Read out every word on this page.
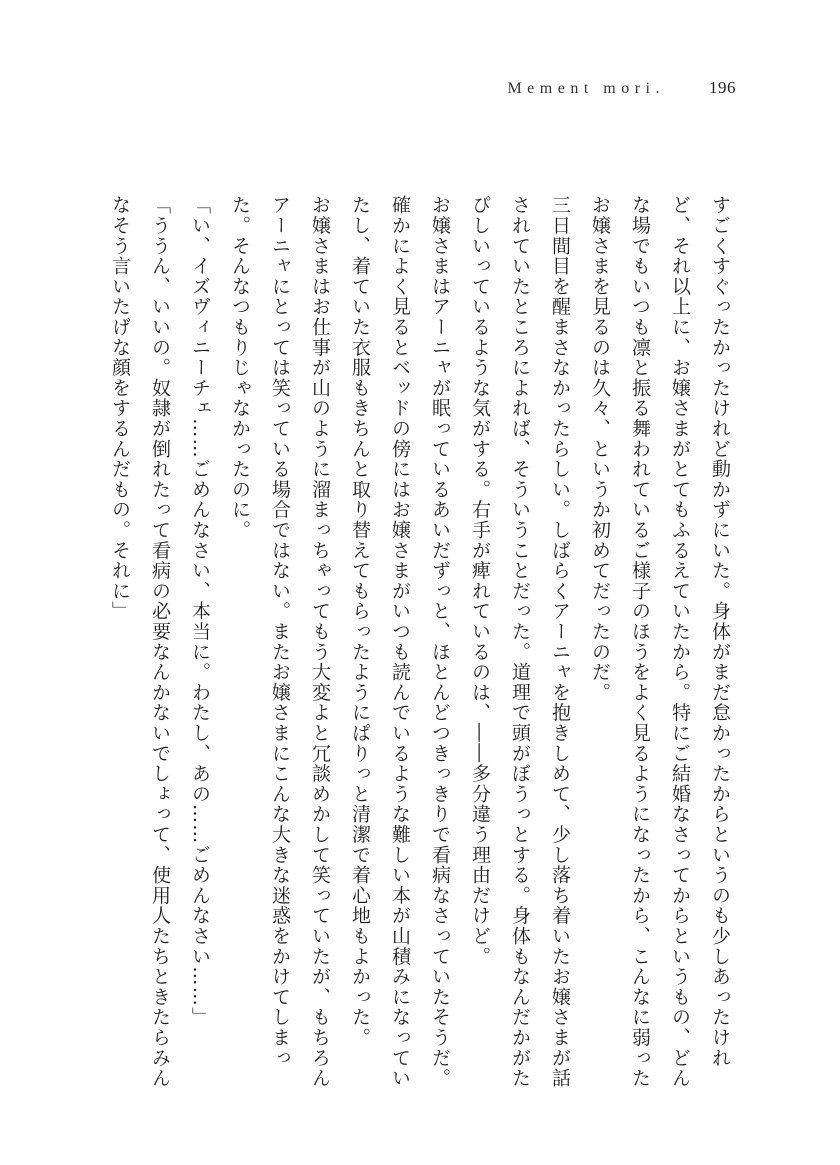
Mement mori.	196

すごくすぐったかったけれど動かずにいた。身体がまだ怠かったからというのも少しあったけれど、それ以上に、お嬢さまがとてもふるえていたから。特にご結婚なさってからというもの、どんな場でもいつも凛と振る舞われているご様子のほうをよく見るようになったから、こんなに弱ったお嬢さまを見るのは久々、というか初めてだったのだ。

三日間目を醒まさなかったらしい。しばらくアーニャを抱きしめて、少し落ち着いたお嬢さまが話されていたところによれば、そういうことだった。道理で頭がぼうっとする。身体もなんだかがたぴしいっているような気がする。右手が痺れているのは、――多分違う理由だけど。

お嬢さまはアーニャが眠っているあいだずっと、ほとんどつきっきりで看病なさっていたそうだ。確かによく見るとベッドの傍にはお嬢さまがいつも読んでいるような難しい本が山積みになっていたし、着ていた衣服もきちんと取り替えてもらったようにぱりっと清潔で着心地もよかった。

お嬢さまはお仕事が山のように溜まっちゃってもう大変よと冗談めかして笑っていたが、もちろんアーニャにとっては笑っている場合ではない。またお嬢さまにこんな大きな迷惑をかけてしまった。そんなつもりじゃなかったのに。

「い、イズヴィニーチェ……ごめんなさい、本当に。わたし、あの……ごめんなさい……」

「ううん、いいの。奴隷が倒れたって看病の必要なんかないでしょって、使用人たちときたらみんなそう言いたげな顔をするんだもの。それに」
